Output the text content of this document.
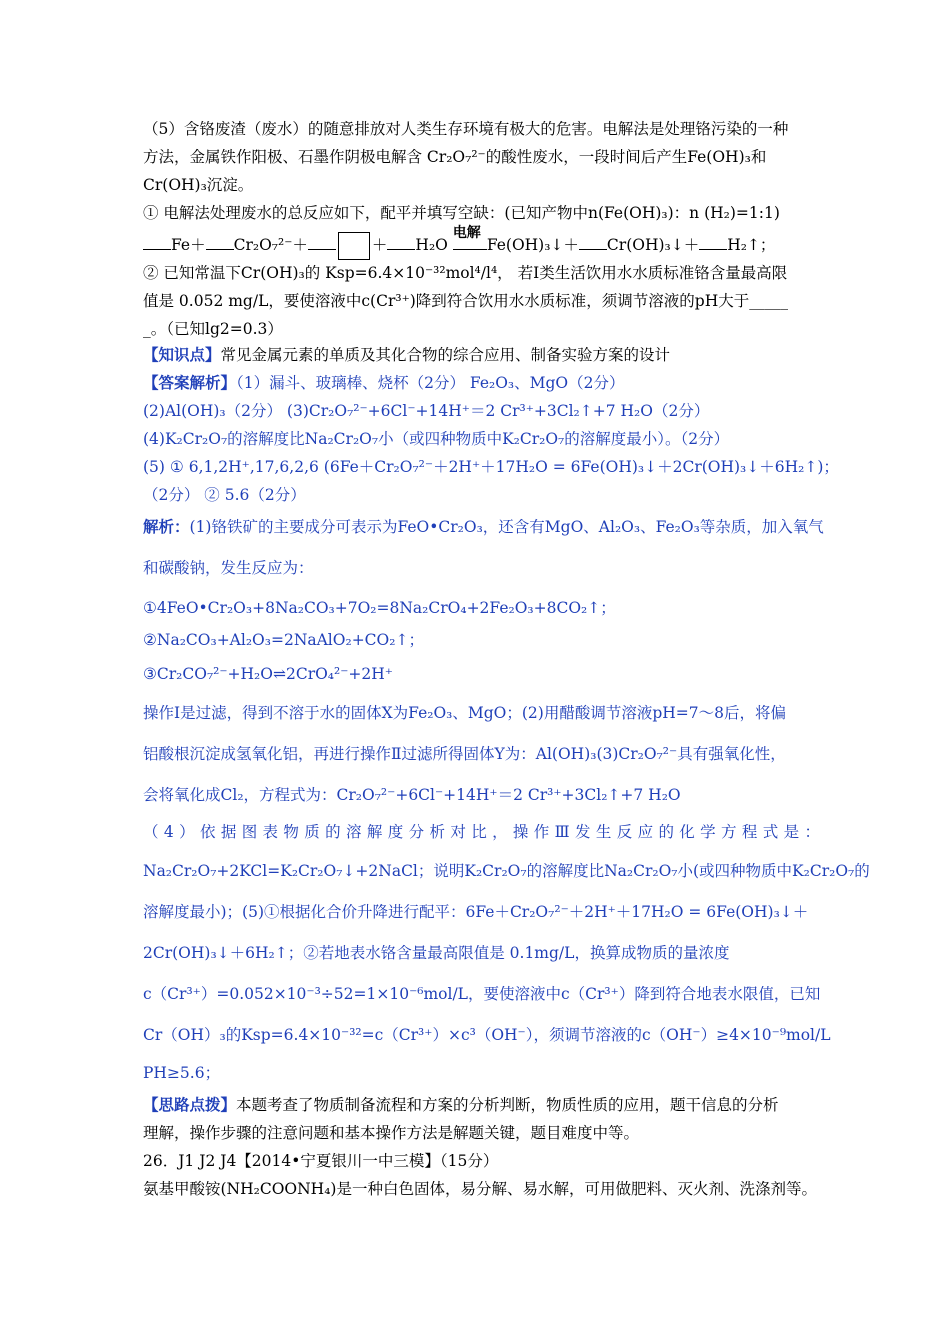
（5）含铬废渣（废水）的随意排放对人类生存环境有极大的危害。电解法是处理铬污染的一种
方法，金属铁作阳极、石墨作阴极电解含 Cr₂O₇²⁻的酸性废水，一段时间后产生Fe(OH)₃和
Cr(OH)₃沉淀。
① 电解法处理废水的总反应如下，配平并填写空缺：(已知产物中n(Fe(OH)₃)：n (H₂)=1:1)
Fe＋ Cr₂O₇²⁻＋	＋ H₂O
电解
Fe(OH)₃↓＋ Cr(OH)₃↓＋ H₂↑；
② 已知常温下Cr(OH)₃的 Ksp=6.4×10⁻³²mol⁴/l⁴， 若Ⅰ类生活饮用水水质标准铬含量最高限
值是 0.052 mg/L，要使溶液中c(Cr³⁺)降到符合饮用水水质标准，须调节溶液的pH大于_____
_。（已知lg2=0.3）
【知识点】常见金属元素的单质及其化合物的综合应用、制备实验方案的设计
【答案解析】（1）漏斗、玻璃棒、烧杯（2分） Fe₂O₃、MgO（2分）
(2)Al(OH)₃（2分） (3)Cr₂O₇²⁻+6Cl⁻+14H⁺＝2 Cr³⁺+3Cl₂↑+7 H₂O（2分）
(4)K₂Cr₂O₇的溶解度比Na₂Cr₂O₇小（或四种物质中K₂Cr₂O₇的溶解度最小）。（2分）
(5) ① 6,1,2H⁺,17,6,2,6 (6Fe＋Cr₂O₇²⁻＋2H⁺＋17H₂O = 6Fe(OH)₃↓＋2Cr(OH)₃↓＋6H₂↑)；
（2分） ② 5.6（2分）
解析：(1)铬铁矿的主要成分可表示为FeO•Cr₂O₃，还含有MgO、Al₂O₃、Fe₂O₃等杂质，加入氧气
和碳酸钠，发生反应为：
①4FeO•Cr₂O₃+8Na₂CO₃+7O₂=8Na₂CrO₄+2Fe₂O₃+8CO₂↑；
②Na₂CO₃+Al₂O₃=2NaAlO₂+CO₂↑；
③Cr₂CO₇²⁻+H₂O⇌2CrO₄²⁻+2H⁺
操作Ⅰ是过滤，得到不溶于水的固体X为Fe₂O₃、MgO；(2)用醋酸调节溶液pH=7～8后，将偏
铝酸根沉淀成氢氧化铝，再进行操作Ⅱ过滤所得固体Y为：Al(OH)₃(3)Cr₂O₇²⁻具有强氧化性，
会将氧化成Cl₂，方程式为：Cr₂O₇²⁻+6Cl⁻+14H⁺＝2 Cr³⁺+3Cl₂↑+7 H₂O
（4）依据图表物质的溶解度分析对比，操作Ⅲ发生反应的化学方程式是：
Na₂Cr₂O₇+2KCl=K₂Cr₂O₇↓+2NaCl；说明K₂Cr₂O₇的溶解度比Na₂Cr₂O₇小(或四种物质中K₂Cr₂O₇的
溶解度最小)；(5)①根据化合价升降进行配平：6Fe＋Cr₂O₇²⁻＋2H⁺＋17H₂O = 6Fe(OH)₃↓＋
2Cr(OH)₃↓＋6H₂↑；②若地表水铬含量最高限值是 0.1mg/L，换算成物质的量浓度
c（Cr³⁺）=0.052×10⁻³÷52=1×10⁻⁶mol/L，要使溶液中c（Cr³⁺）降到符合地表水限值，已知
Cr（OH）₃的Ksp=6.4×10⁻³²=c（Cr³⁺）×c³（OH⁻），须调节溶液的c（OH⁻）≥4×10⁻⁹mol/L
PH≥5.6；
【思路点拨】本题考查了物质制备流程和方案的分析判断，物质性质的应用，题干信息的分析
理解，操作步骤的注意问题和基本操作方法是解题关键，题目难度中等。
26．J1 J2 J4【2014•宁夏银川一中三模】（15分）
氨基甲酸铵(NH₂COONH₄)是一种白色固体，易分解、易水解，可用做肥料、灭火剂、洗涤剂等。
